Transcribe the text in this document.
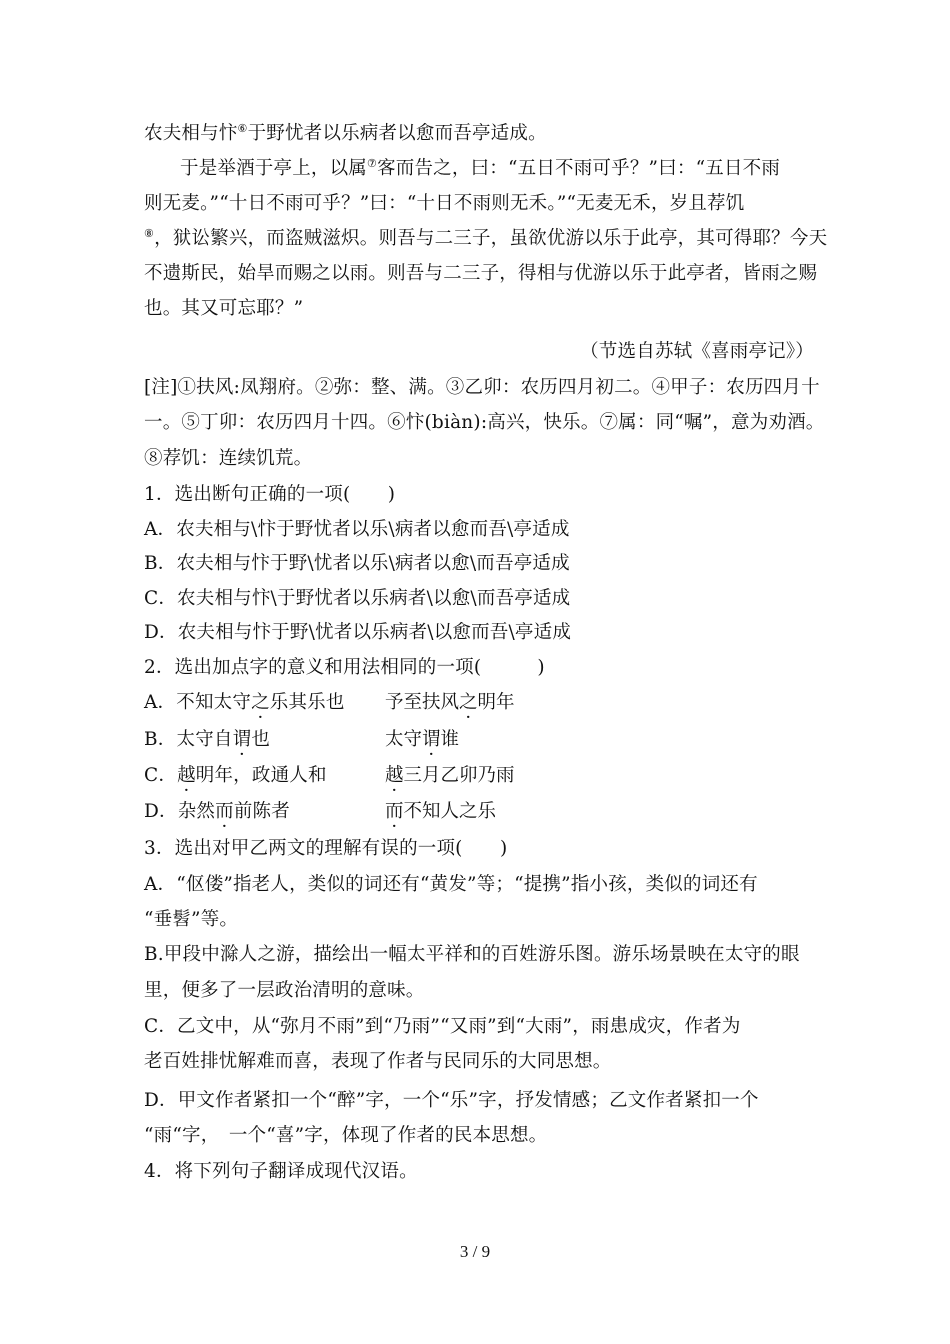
农夫相与忭⑥于野忧者以乐病者以愈而吾亭适成。
于是举酒于亭上，以属⑦客而告之，曰：“五日不雨可乎？”曰：“五日不雨
则无麦。”“十日不雨可乎？”曰：“十日不雨则无禾。”“无麦无禾，岁且荐饥
⑧，狱讼繁兴，而盗贼滋炽。则吾与二三子，虽欲优游以乐于此亭，其可得耶？今天
不遗斯民，始旱而赐之以雨。则吾与二三子，得相与优游以乐于此亭者，皆雨之赐
也。其又可忘耶？”
（节选自苏轼《喜雨亭记》）
[注]①扶风:凤翔府。②弥：整、满。③乙卯：农历四月初二。④甲子：农历四月十
一。⑤丁卯：农历四月十四。⑥忭(biàn):高兴，快乐。⑦属：同“嘱”，意为劝酒。
⑧荐饥：连续饥荒。
1．选出断句正确的一项(　　)
A．农夫相与\忭于野忧者以乐\病者以愈而吾\亭适成
B．农夫相与忭于野\忧者以乐\病者以愈\而吾亭适成
C．农夫相与忭\于野忧者以乐病者\以愈\而吾亭适成
D．农夫相与忭于野\忧者以乐病者\以愈而吾\亭适成
2．选出加点字的意义和用法相同的一项(　　　)
A．不知太守之乐其乐也 予至扶风之明年
B．太守自谓也	太守谓谁
C．越明年，政通人和	越三月乙卯乃雨
D．杂然而前陈者	而不知人之乐
3．选出对甲乙两文的理解有误的一项(　　)
A．“伛偻”指老人，类似的词还有“黄发”等；“提携”指小孩，类似的词还有
“垂髫”等。
B.甲段中滁人之游，描绘出一幅太平祥和的百姓游乐图。游乐场景映在太守的眼
里，便多了一层政治清明的意味。
C．乙文中，从“弥月不雨”到“乃雨”“又雨”到“大雨”，雨患成灾，作者为
老百姓排忧解难而喜，表现了作者与民同乐的大同思想。
D．甲文作者紧扣一个“醉”字，一个“乐”字，抒发情感；乙文作者紧扣一个
“雨“字，　一个“喜”字，体现了作者的民本思想。
4．将下列句子翻译成现代汉语。
3 / 9
